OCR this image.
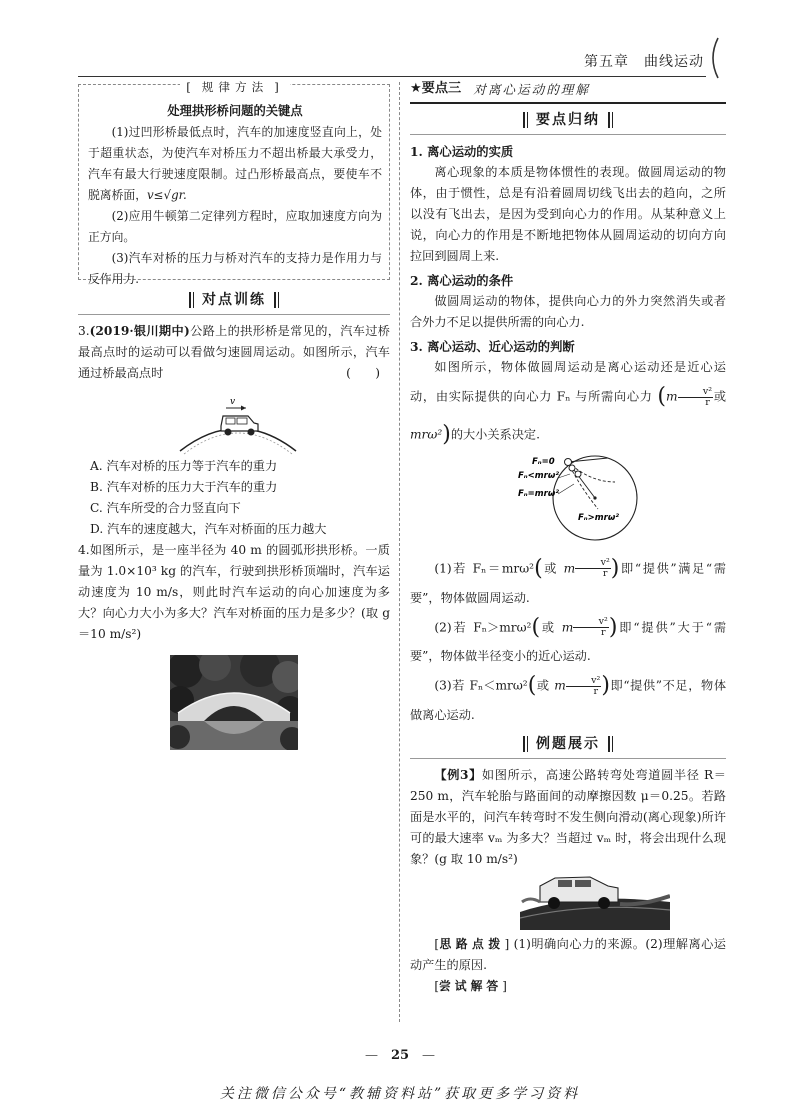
第五章　曲线运动
[ 规律方法 ]
处理拱形桥问题的关键点
(1)过凹形桥最低点时，汽车的加速度竖直向上，处于超重状态，为使汽车对桥压力不超出桥最大承受力，汽车有最大行驶速度限制。过凸形桥最高点，要使车不脱离桥面，v≤√gr.
(2)应用牛顿第二定律列方程时，应取加速度方向为正方向。
(3)汽车对桥的压力与桥对汽车的支持力是作用力与反作用力.
对点训练
3.(2019·银川期中)公路上的拱形桥是常见的，汽车过桥最高点时的运动可以看做匀速圆周运动。如图所示，汽车通过桥最高点时	(　　)
v
A. 汽车对桥的压力等于汽车的重力
B. 汽车对桥的压力大于汽车的重力
C. 汽车所受的合力竖直向下
D. 汽车的速度越大，汽车对桥面的压力越大
4.如图所示，是一座半径为 40 m 的圆弧形拱形桥。一质量为 1.0×10³ kg 的汽车，行驶到拱形桥顶端时，汽车运动速度为 10 m/s，则此时汽车运动的向心加速度为多大？向心力大小为多大？汽车对桥面的压力是多少？(取 g＝10 m/s²)
★ 要点三 对离心运动的理解
要点归纳
1. 离心运动的实质
离心现象的本质是物体惯性的表现。做圆周运动的物体，由于惯性，总是有沿着圆周切线飞出去的趋向，之所以没有飞出去，是因为受到向心力的作用。从某种意义上说，向心力的作用是不断地把物体从圆周运动的切向方向拉回到圆周上来.
2. 离心运动的条件
做圆周运动的物体，提供向心力的外力突然消失或者合外力不足以提供所需的向心力.
3. 离心运动、近心运动的判断
如图所示，物体做圆周运动是离心运动还是近心运动，由实际提供的向心力 Fₙ 与所需向心力 ($m \frac{\text{v²}}{r}$ 或 mrω²)的大小关系决定.
Fₙ=0
Fₙ<mrω²
Fₙ=mrω²
Fₙ>mrω²
(1)若 Fₙ＝mrω²(或 m $\frac{\text{v²}}{r}$ )即“提供”满足“需要”，物体做圆周运动.
(2)若 Fₙ＞mrω²(或 m $\frac{\text{v²}}{r}$ )即“提供”大于“需要”，物体做半径变小的近心运动.
(3)若 Fₙ＜mrω²(或 m $\frac{\text{v²}}{r}$ )即“提供”不足，物体做离心运动.
例题展示
【例3】如图所示，高速公路转弯处弯道圆半径 R＝250 m，汽车轮胎与路面间的动摩擦因数 μ＝0.25。若路面是水平的，问汽车转弯时不发生侧向滑动(离心现象)所许可的最大速率 vₘ 为多大？当超过 vₘ 时，将会出现什么现象？(g 取 10 m/s²)
[思路点拨] (1)明确向心力的来源。(2)理解离心运动产生的原因.
[尝试解答]
—　25　—
关注微信公众号“教辅资料站”获取更多学习资料
